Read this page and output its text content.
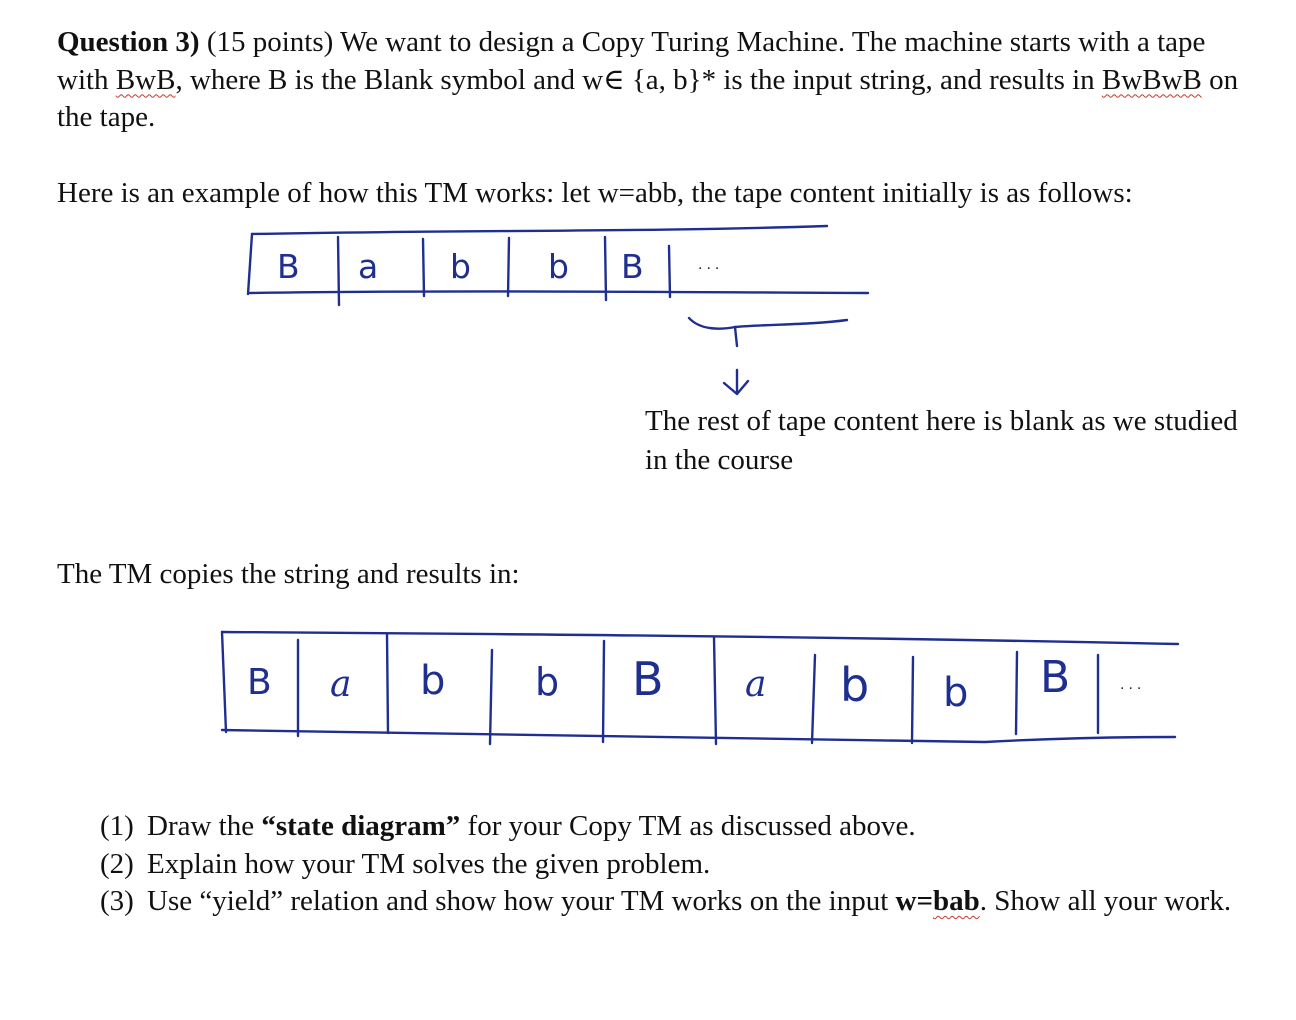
Question 3) (15 points) We want to design a Copy Turing Machine. The machine starts with a tape with BwB, where B is the Blank symbol and w∈ {a, b}* is the input string, and results in BwBwB on the tape.

Here is an example of how this TM works: let w=abb, the tape content initially is as follows:

B a b b B	...
The rest of tape content here is blank as we studied in the course

The TM copies the string and results in:

B a b b B a b b B	...
(1) Draw the “state diagram” for your Copy TM as discussed above.
(2) Explain how your TM solves the given problem.
(3) Use “yield” relation and show how your TM works on the input w=bab. Show all your work.
